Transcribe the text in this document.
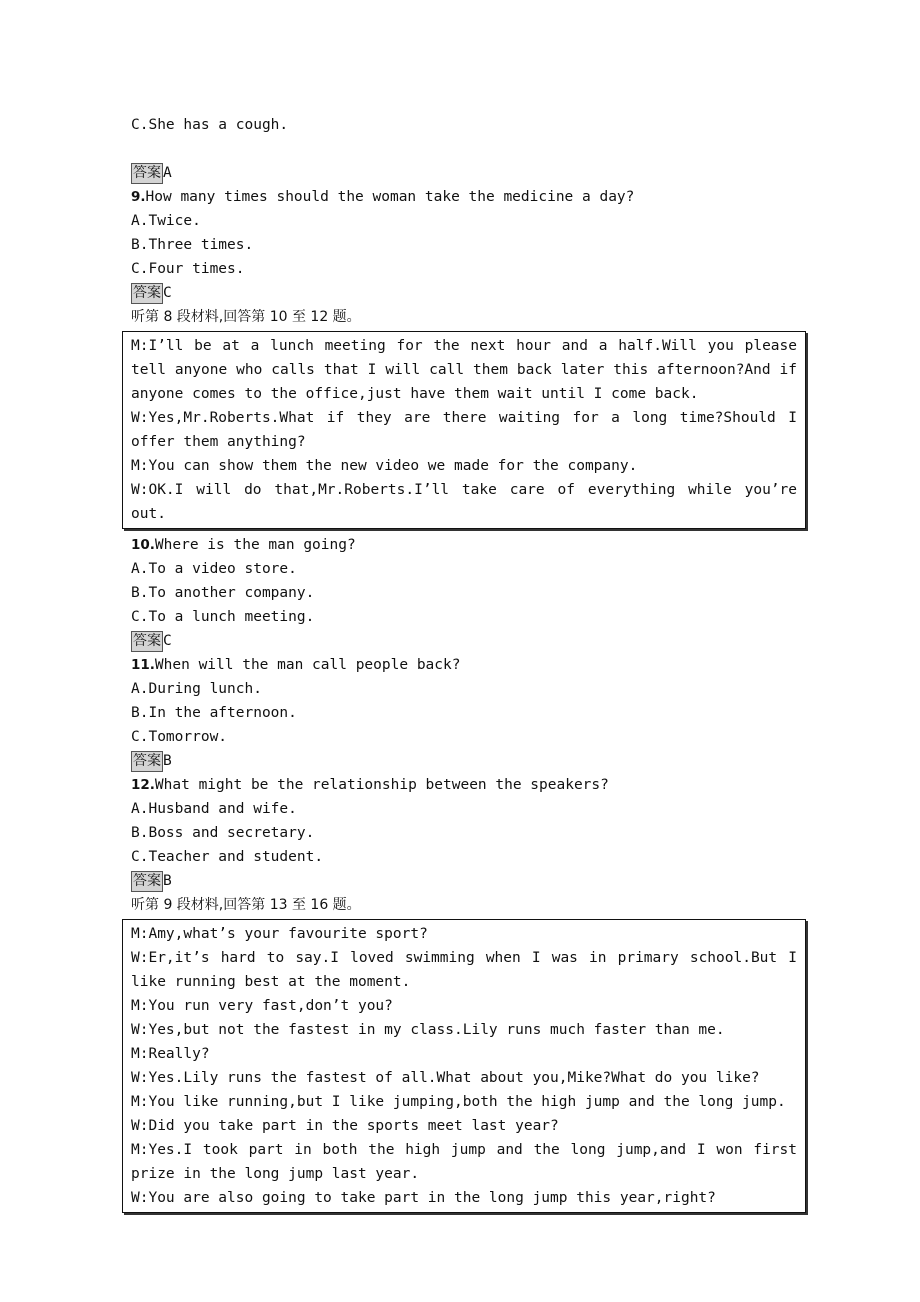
C.She has a cough.
答案 A
9.How many times should the woman take the medicine a day?
A.Twice.
B.Three times.
C.Four times.
答案 C
听第 8 段材料,回答第 10 至 12 题。
M:I’ll be at a lunch meeting for the next hour and a half.Will you please tell anyone who calls that I will call them back later this afternoon?And if anyone comes to the office,just have them wait until I come back.
W:Yes,Mr.Roberts.What if they are there waiting for a long time?Should I offer them anything?
M:You can show them the new video we made for the company.
W:OK.I will do that,Mr.Roberts.I’ll take care of everything while you’re out.
10.Where is the man going?
A.To a video store.
B.To another company.
C.To a lunch meeting.
答案 C
11.When will the man call people back?
A.During lunch.
B.In the afternoon.
C.Tomorrow.
答案 B
12.What might be the relationship between the speakers?
A.Husband and wife.
B.Boss and secretary.
C.Teacher and student.
答案 B
听第 9 段材料,回答第 13 至 16 题。
M:Amy,what’s your favourite sport?
W:Er,it’s hard to say.I loved swimming when I was in primary school.But I like running best at the moment.
M:You run very fast,don’t you?
W:Yes,but not the fastest in my class.Lily runs much faster than me.
M:Really?
W:Yes.Lily runs the fastest of all.What about you,Mike?What do you like?
M:You like running,but I like jumping,both the high jump and the long jump.
W:Did you take part in the sports meet last year?
M:Yes.I took part in both the high jump and the long jump,and I won first prize in the long jump last year.
W:You are also going to take part in the long jump this year,right?
